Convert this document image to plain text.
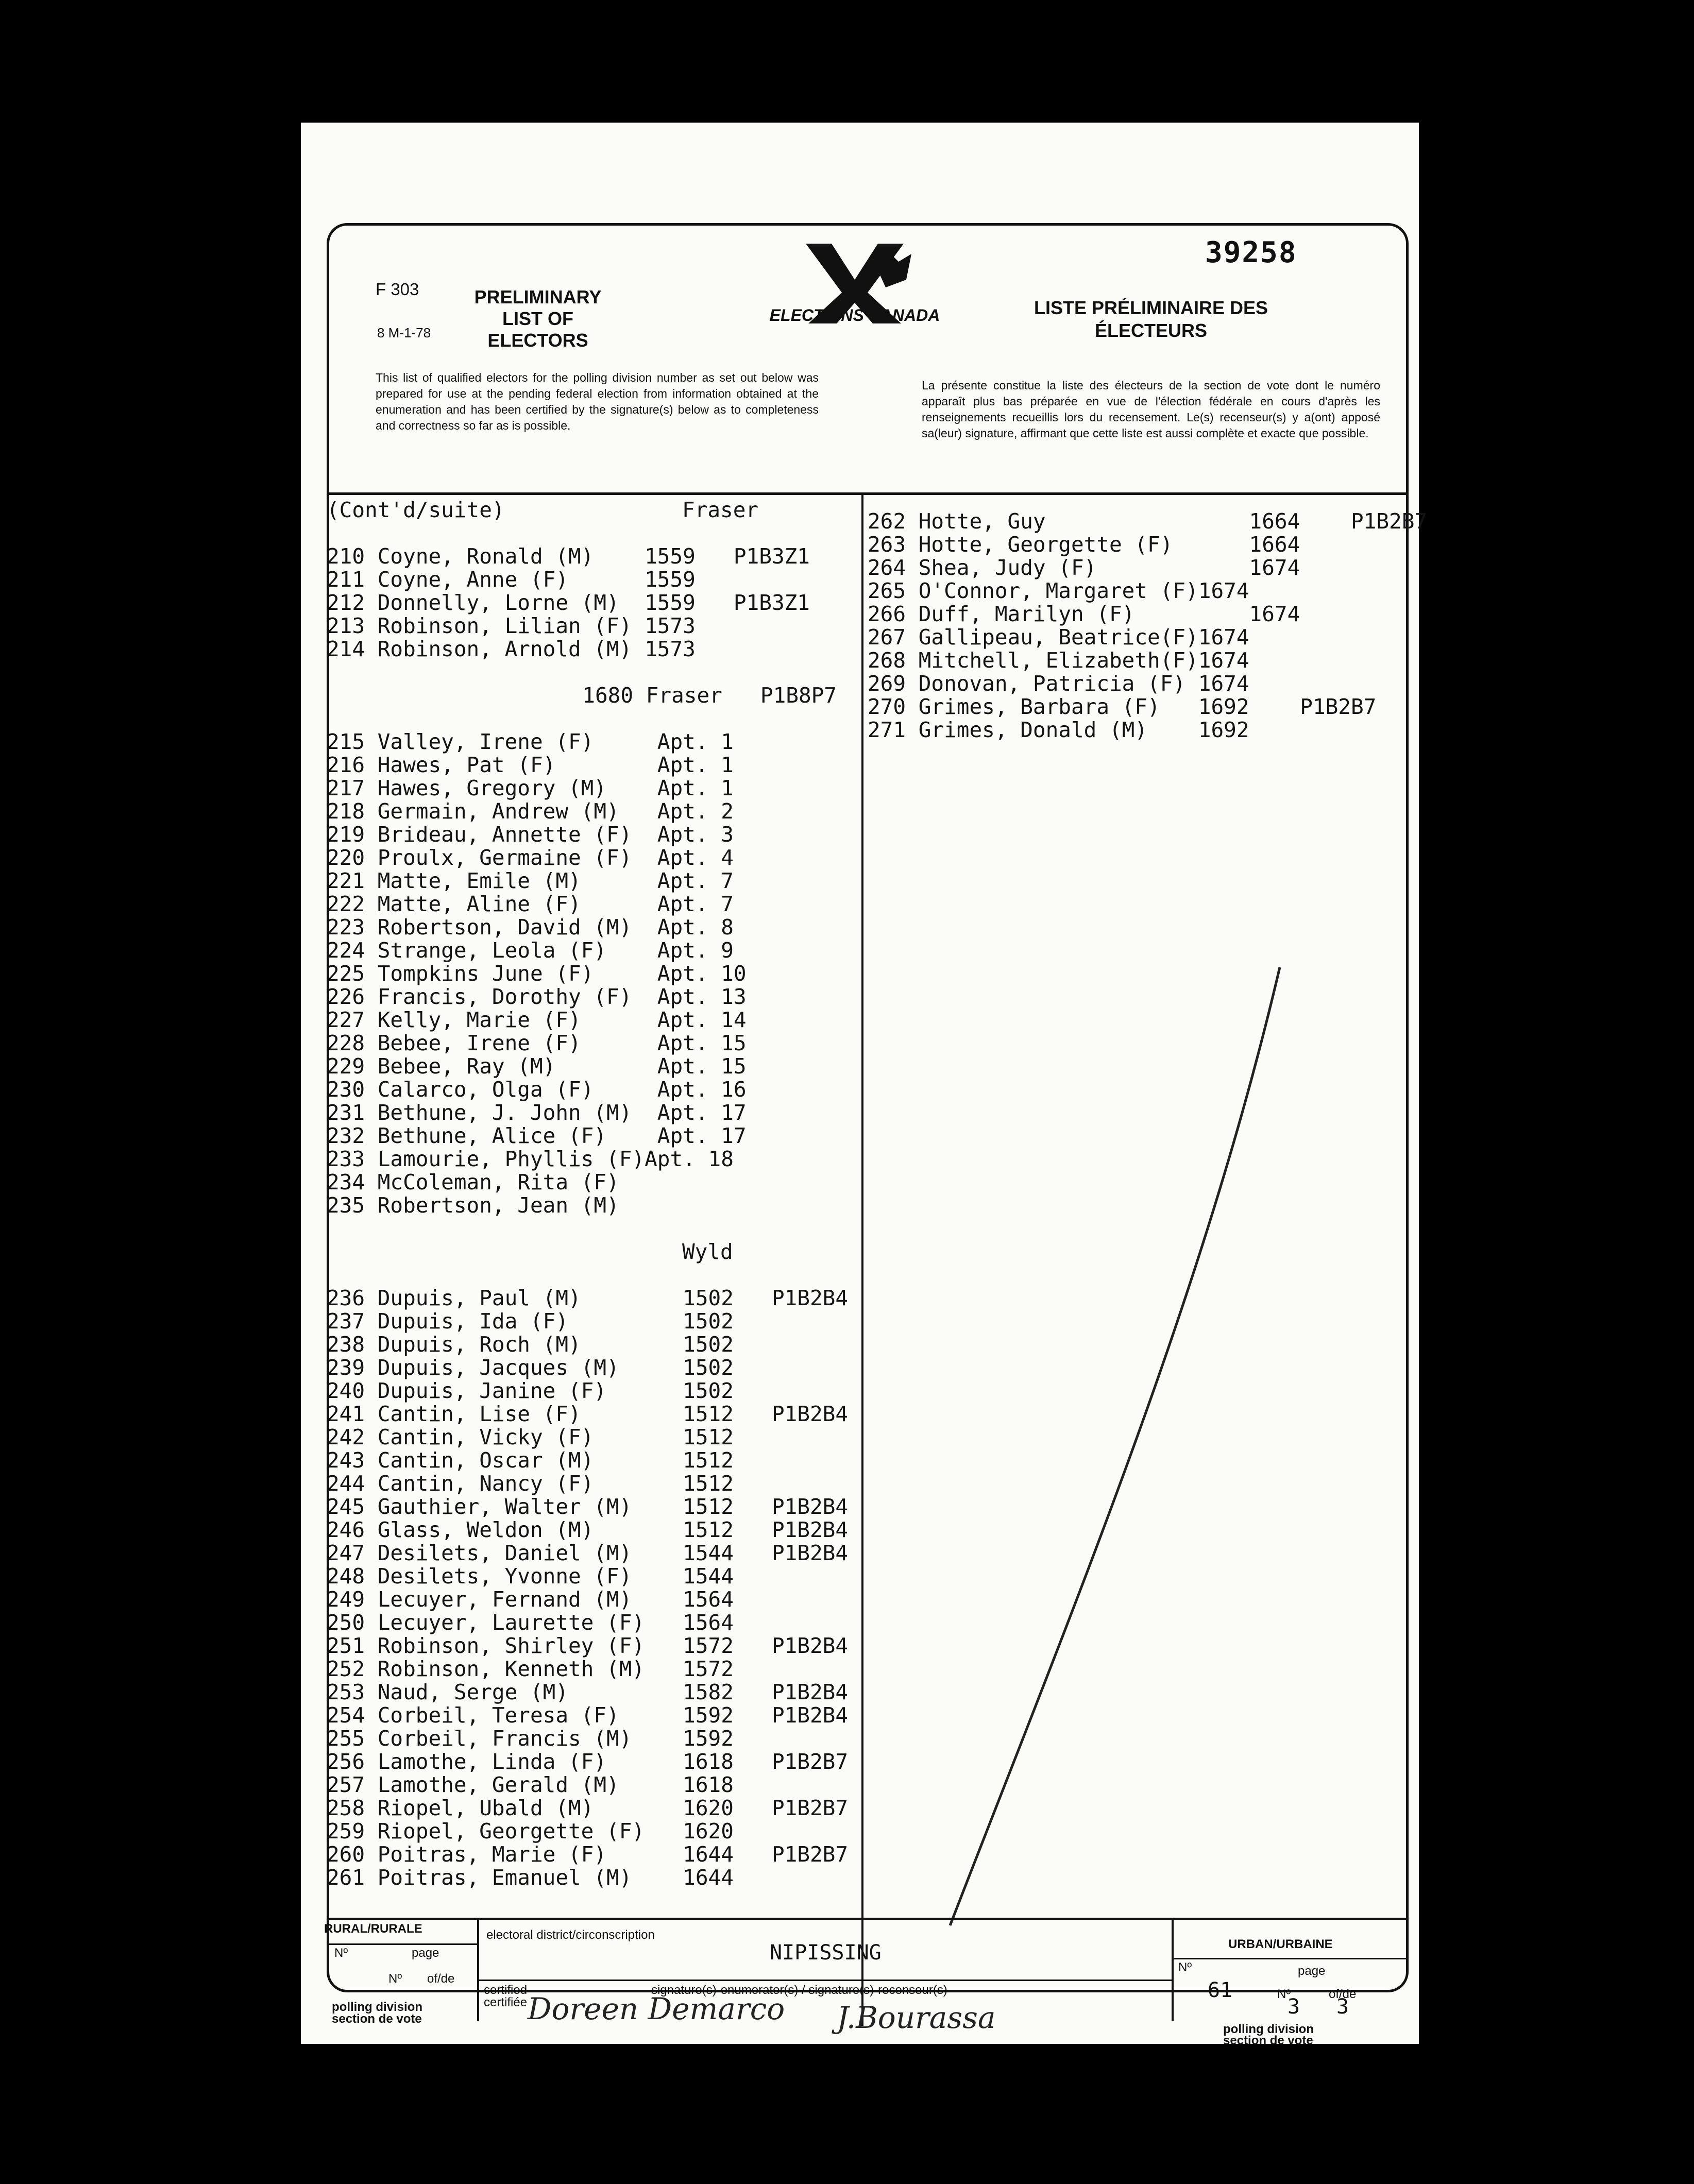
F 303
8 M-1-78
PRELIMINARY LIST OF ELECTORS
ELECTIONS CANADA	LISTE PRÉLIMINAIRE DES ÉLECTEURS
39258
This list of qualified electors for the polling division number as set out below was prepared for use at the pending federal election from information obtained at the enumeration and has been certified by the signature(s) below as to completeness and correctness so far as is possible.
La présente constitue la liste des électeurs de la section de vote dont le numéro apparaît plus bas préparée en vue de l'élection fédérale en cours d'après les renseignements recueillis lors du recensement. Le(s) recenseur(s) y a(ont) apposé sa(leur) signature, affirmant que cette liste est aussi complète et exacte que possible.
(Cont'd/suite)	Fraser
210 Coyne, Ronald (M)    1559   P1B3Z1
211 Coyne, Anne (F)      1559
212 Donnelly, Lorne (M)  1559   P1B3Z1
213 Robinson, Lilian (F) 1573
214 Robinson, Arnold (M) 1573
1680 Fraser   P1B8P7
215 Valley, Irene (F)     Apt. 1
216 Hawes, Pat (F)        Apt. 1
217 Hawes, Gregory (M)    Apt. 1
218 Germain, Andrew (M)   Apt. 2
219 Brideau, Annette (F)  Apt. 3
220 Proulx, Germaine (F)  Apt. 4
221 Matte, Emile (M)      Apt. 7
222 Matte, Aline (F)      Apt. 7
223 Robertson, David (M)  Apt. 8
224 Strange, Leola (F)    Apt. 9
225 Tompkins June (F)     Apt. 10
226 Francis, Dorothy (F)  Apt. 13
227 Kelly, Marie (F)      Apt. 14
228 Bebee, Irene (F)      Apt. 15
229 Bebee, Ray (M)        Apt. 15
230 Calarco, Olga (F)     Apt. 16
231 Bethune, J. John (M)  Apt. 17
232 Bethune, Alice (F)    Apt. 17
233 Lamourie, Phyllis (F)Apt. 18
234 McColeman, Rita (F)
235 Robertson, Jean (M)
Wyld
236 Dupuis, Paul (M)        1502   P1B2B4
237 Dupuis, Ida (F)         1502
238 Dupuis, Roch (M)        1502
239 Dupuis, Jacques (M)     1502
240 Dupuis, Janine (F)      1502
241 Cantin, Lise (F)        1512   P1B2B4
242 Cantin, Vicky (F)       1512
243 Cantin, Oscar (M)       1512
244 Cantin, Nancy (F)       1512
245 Gauthier, Walter (M)    1512   P1B2B4
246 Glass, Weldon (M)       1512   P1B2B4
247 Desilets, Daniel (M)    1544   P1B2B4
248 Desilets, Yvonne (F)    1544
249 Lecuyer, Fernand (M)    1564
250 Lecuyer, Laurette (F)   1564
251 Robinson, Shirley (F)   1572   P1B2B4
252 Robinson, Kenneth (M)   1572
253 Naud, Serge (M)         1582   P1B2B4
254 Corbeil, Teresa (F)     1592   P1B2B4
255 Corbeil, Francis (M)    1592
256 Lamothe, Linda (F)      1618   P1B2B7
257 Lamothe, Gerald (M)     1618
258 Riopel, Ubald (M)       1620   P1B2B7
259 Riopel, Georgette (F)   1620
260 Poitras, Marie (F)      1644   P1B2B7
261 Poitras, Emanuel (M)    1644
262 Hotte, Guy                1664    P1B2B7
263 Hotte, Georgette (F)      1664
264 Shea, Judy (F)            1674
265 O'Connor, Margaret (F)1674
266 Duff, Marilyn (F)         1674
267 Gallipeau, Beatrice(F)1674
268 Mitchell, Elizabeth(F)1674
269 Donovan, Patricia (F) 1674
270 Grimes, Barbara (F)   1692    P1B2B7
271 Grimes, Donald (M)    1692
RURAL/RURALE
Nº	page
Nº of/de
polling division
section de vote
electoral district/circonscription
NIPISSING
certified
certifiée
signature(s)-enumerator(s) / signature(s)-recenseur(s)
Doreen Demarco J.Bourassa
URBAN/URBAINE
Nº	page
61	Nº
3
of/de
3
polling division
section de vote
